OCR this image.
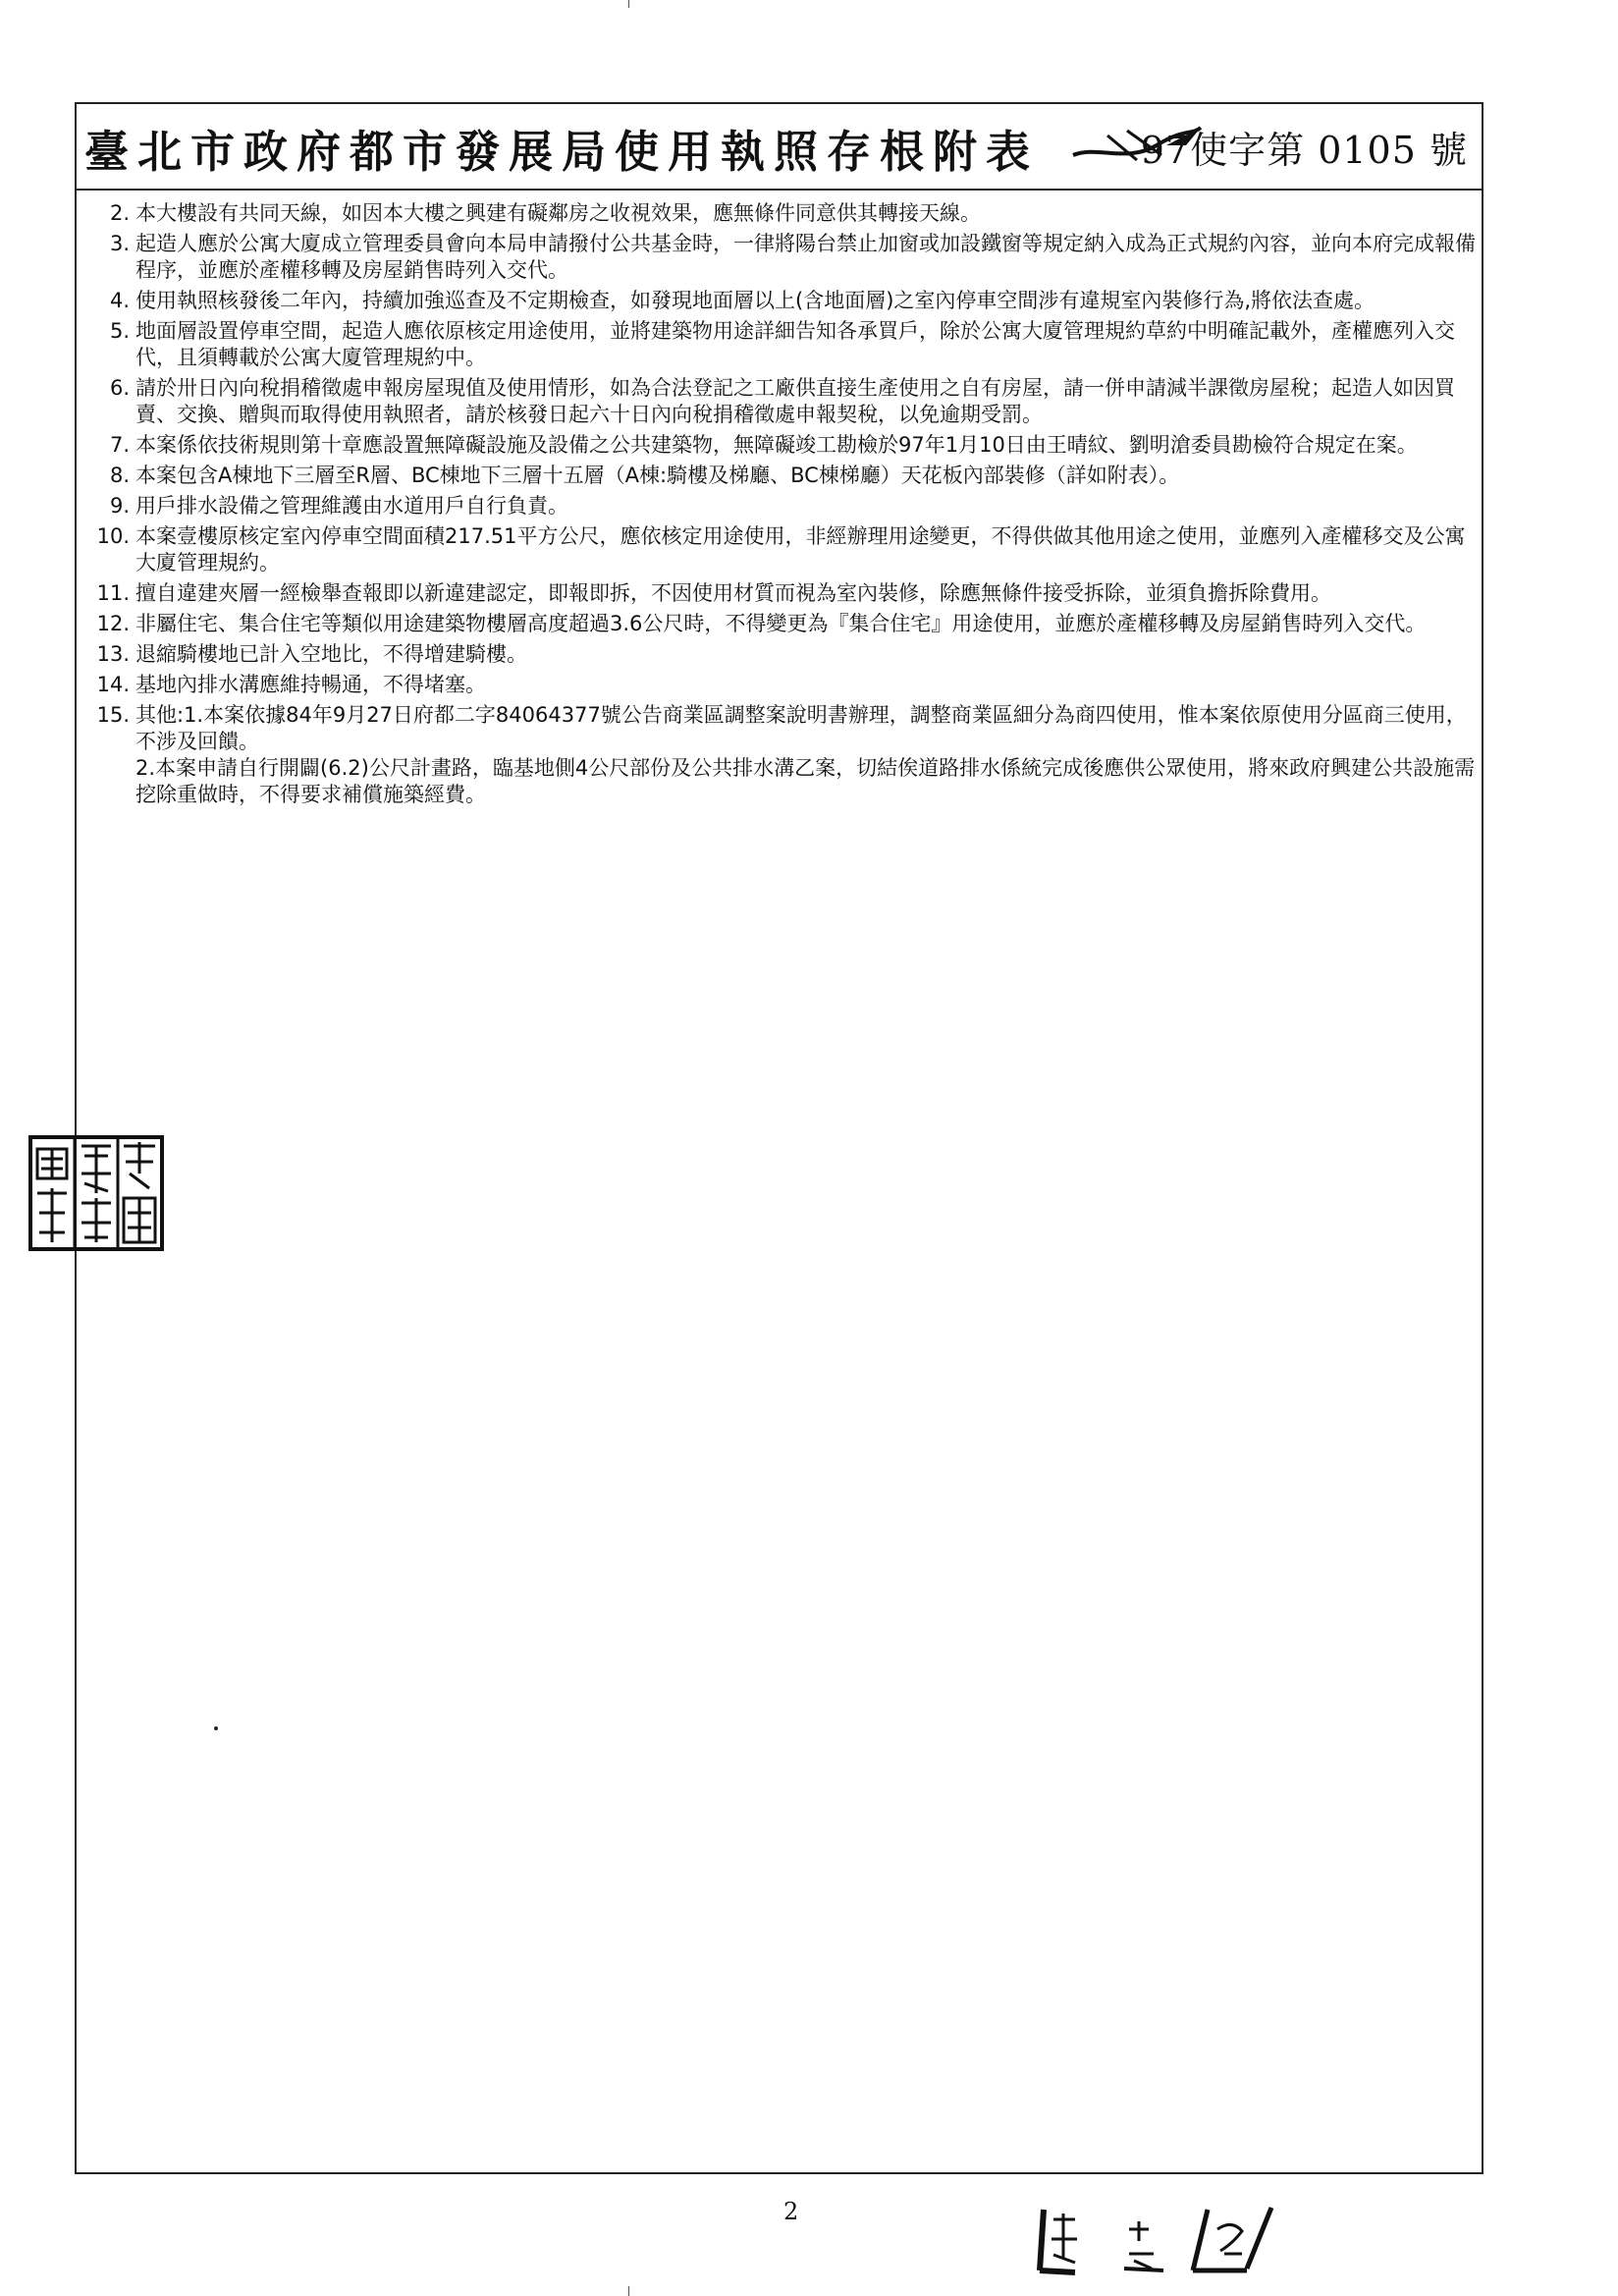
臺北市政府都市發展局使用執照存根附表	97使字第 0105 號
2. 本大樓設有共同天線，如因本大樓之興建有礙鄰房之收視效果，應無條件同意供其轉接天線。
3. 起造人應於公寓大廈成立管理委員會向本局申請撥付公共基金時，一律將陽台禁止加窗或加設鐵窗等規定納入成為正式規約內容，並向本府完成報備程序，並應於產權移轉及房屋銷售時列入交代。
4. 使用執照核發後二年內，持續加強巡查及不定期檢查，如發現地面層以上(含地面層)之室內停車空間涉有違規室內裝修行為,將依法查處。
5. 地面層設置停車空間，起造人應依原核定用途使用，並將建築物用途詳細告知各承買戶，除於公寓大廈管理規約草約中明確記載外，產權應列入交代，且須轉載於公寓大廈管理規約中。
6. 請於卅日內向稅捐稽徵處申報房屋現值及使用情形，如為合法登記之工廠供直接生產使用之自有房屋，請一併申請減半課徵房屋稅；起造人如因買賣、交換、贈與而取得使用執照者，請於核發日起六十日內向稅捐稽徵處申報契稅，以免逾期受罰。
7. 本案係依技術規則第十章應設置無障礙設施及設備之公共建築物，無障礙竣工勘檢於97年1月10日由王晴紋、劉明滄委員勘檢符合規定在案。
8. 本案包含A棟地下三層至R層、BC棟地下三層十五層（A棟:騎樓及梯廳、BC棟梯廳）天花板內部裝修（詳如附表）。
9. 用戶排水設備之管理維護由水道用戶自行負責。
10. 本案壹樓原核定室內停車空間面積217.51平方公尺，應依核定用途使用，非經辦理用途變更，不得供做其他用途之使用，並應列入產權移交及公寓大廈管理規約。
11. 擅自違建夾層一經檢舉查報即以新違建認定，即報即拆，不因使用材質而視為室內裝修，除應無條件接受拆除，並須負擔拆除費用。
12. 非屬住宅、集合住宅等類似用途建築物樓層高度超過3.6公尺時，不得變更為『集合住宅』用途使用，並應於產權移轉及房屋銷售時列入交代。
13. 退縮騎樓地已計入空地比，不得增建騎樓。
14. 基地內排水溝應維持暢通，不得堵塞。
15. 其他:1.本案依據84年9月27日府都二字84064377號公告商業區調整案說明書辦理，調整商業區細分為商四使用，惟本案依原使用分區商三使用，不涉及回饋。
2.本案申請自行開闢(6.2)公尺計畫路，臨基地側4公尺部份及公共排水溝乙案，切結俟道路排水係統完成後應供公眾使用，將來政府興建公共設施需挖除重做時，不得要求補償施築經費。
2
